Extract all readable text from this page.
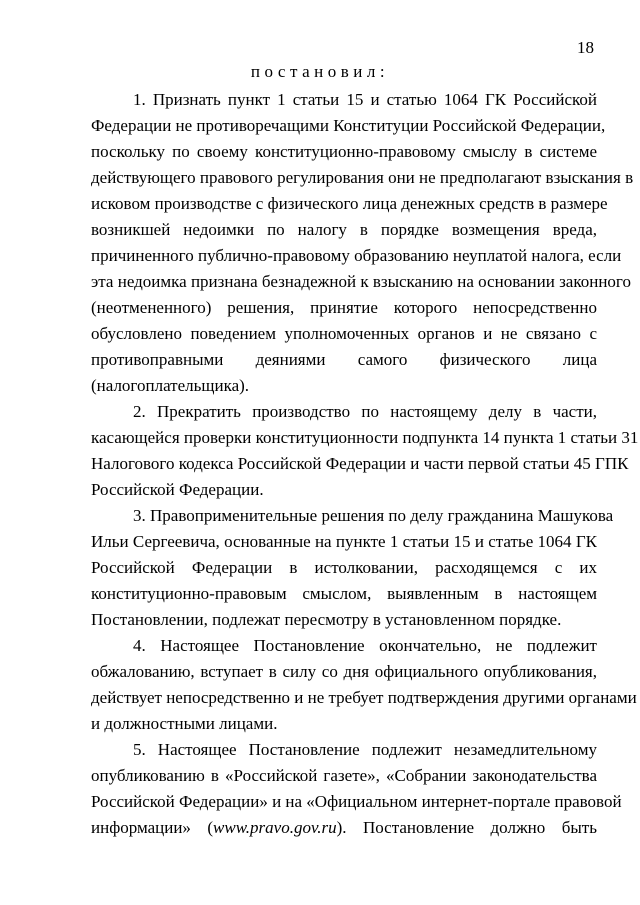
18
постановил:
1. Признать пункт 1 статьи 15 и статью 1064 ГК Российской
Федерации не противоречащими Конституции Российской Федерации,
поскольку по своему конституционно-правовому смыслу в системе
действующего правового регулирования они не предполагают взыскания в
исковом производстве с физического лица денежных средств в размере
возникшей недоимки по налогу в порядке возмещения вреда,
причиненного публично-правовому образованию неуплатой налога, если
эта недоимка признана безнадежной к взысканию на основании законного
(неотмененного) решения, принятие которого непосредственно
обусловлено поведением уполномоченных органов и не связано с
противоправными деяниями самого физического лица
(налогоплательщика).
2. Прекратить производство по настоящему делу в части,
касающейся проверки конституционности подпункта 14 пункта 1 статьи 31
Налогового кодекса Российской Федерации и части первой статьи 45 ГПК
Российской Федерации.
3. Правоприменительные решения по делу гражданина Машукова
Ильи Сергеевича, основанные на пункте 1 статьи 15 и статье 1064 ГК
Российской Федерации в истолковании, расходящемся с их
конституционно-правовым смыслом, выявленным в настоящем
Постановлении, подлежат пересмотру в установленном порядке.
4. Настоящее Постановление окончательно, не подлежит
обжалованию, вступает в силу со дня официального опубликования,
действует непосредственно и не требует подтверждения другими органами
и должностными лицами.
5. Настоящее Постановление подлежит незамедлительному
опубликованию в «Российской газете», «Собрании законодательства
Российской Федерации» и на «Официальном интернет-портале правовой
информации» (www.pravo.gov.ru). Постановление должно быть
